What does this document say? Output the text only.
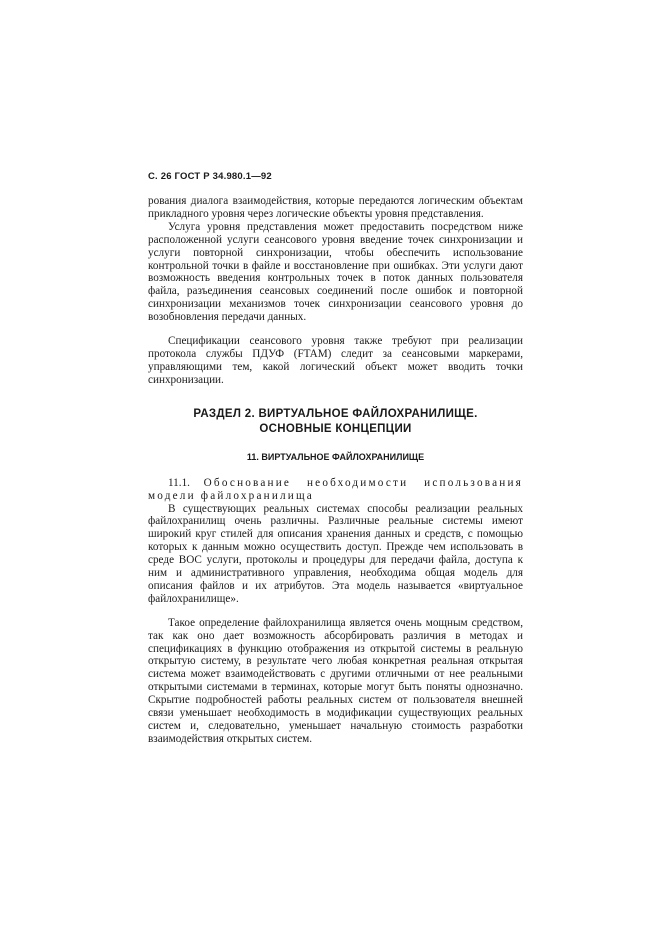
С. 26 ГОСТ Р 34.980.1—92

рования диалога взаимодействия, которые передаются логическим объектам прикладного уровня через логические объекты уровня представления.

Услуга уровня представления может предоставить посредством ниже расположенной услуги сеансового уровня введение точек синхронизации и услуги повторной синхронизации, чтобы обеспечить использование контрольной точки в файле и восстановление при ошибках. Эти услуги дают возможность введения контрольных точек в поток данных пользователя файла, разъединения сеансовых соединений после ошибок и повторной синхронизации механизмов точек синхронизации сеансового уровня до возобновления передачи данных.

Спецификации сеансового уровня также требуют при реализации протокола службы ПДУФ (FTAM) следит за сеансовыми маркерами, управляющими тем, какой логический объект может вводить точки синхронизации.

РАЗДЕЛ 2. ВИРТУАЛЬНОЕ ФАЙЛОХРАНИЛИЩЕ.
ОСНОВНЫЕ КОНЦЕПЦИИ
11. ВИРТУАЛЬНОЕ ФАЙЛОХРАНИЛИЩЕ

11.1. Обоснование необходимости использования модели файлохранилища

В существующих реальных системах способы реализации реальных файлохранилищ очень различны. Различные реальные системы имеют широкий круг стилей для описания хранения данных и средств, с помощью которых к данным можно осуществить доступ. Прежде чем использовать в среде ВОС услуги, протоколы и процедуры для передачи файла, доступа к ним и административного управления, необходима общая модель для описания файлов и их атрибутов. Эта модель называется «виртуальное файлохранилище».

Такое определение файлохранилища является очень мощным средством, так как оно дает возможность абсорбировать различия в методах и спецификациях в функцию отображения из открытой системы в реальную открытую систему, в результате чего любая конкретная реальная открытая система может взаимодействовать с другими отличными от нее реальными открытыми системами в терминах, которые могут быть поняты однозначно. Скрытие подробностей работы реальных систем от пользователя внешней связи уменьшает необходимость в модификации существующих реальных систем и, следовательно, уменьшает начальную стоимость разработки взаимодействия открытых систем.
